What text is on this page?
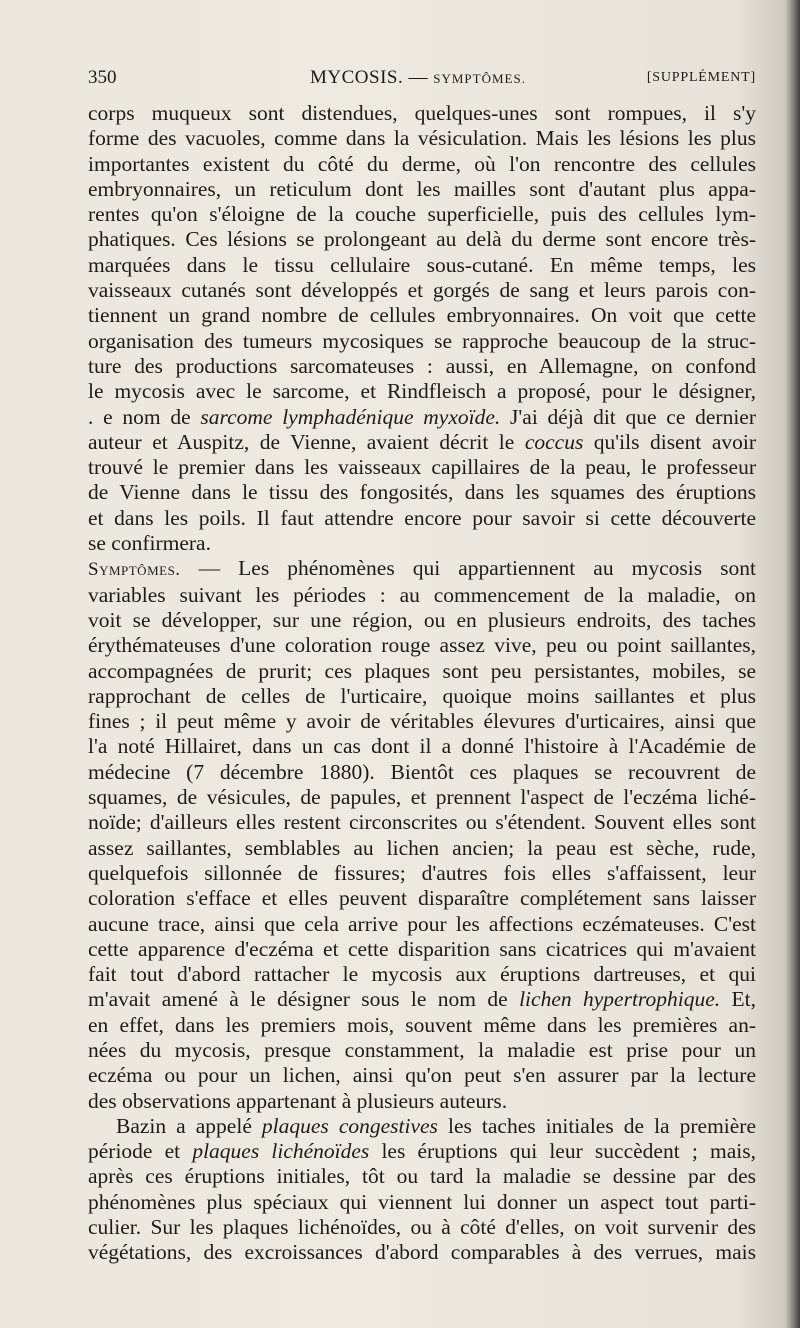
350	MYCOSIS. — SYMPTÔMES.	[SUPPLÉMENT]

corps muqueux sont distendues, quelques-unes sont rompues, il s'y

forme des vacuoles, comme dans la vésiculation. Mais les lésions les plus

importantes existent du côté du derme, où l'on rencontre des cellules

embryonnaires, un reticulum dont les mailles sont d'autant plus appa-

rentes qu'on s'éloigne de la couche superficielle, puis des cellules lym-

phatiques. Ces lésions se prolongeant au delà du derme sont encore très-

marquées dans le tissu cellulaire sous-cutané. En même temps, les

vaisseaux cutanés sont développés et gorgés de sang et leurs parois con-

tiennent un grand nombre de cellules embryonnaires. On voit que cette

organisation des tumeurs mycosiques se rapproche beaucoup de la struc-

ture des productions sarcomateuses : aussi, en Allemagne, on confond

le mycosis avec le sarcome, et Rindfleisch a proposé, pour le désigner,

. e nom de sarcome lymphadénique myxoïde. J'ai déjà dit que ce dernier

auteur et Auspitz, de Vienne, avaient décrit le coccus qu'ils disent avoir

trouvé le premier dans les vaisseaux capillaires de la peau, le professeur

de Vienne dans le tissu des fongosités, dans les squames des éruptions

et dans les poils. Il faut attendre encore pour savoir si cette découverte

se confirmera.

Symptômes. — Les phénomènes qui appartiennent au mycosis sont

variables suivant les périodes : au commencement de la maladie, on

voit se développer, sur une région, ou en plusieurs endroits, des taches

érythémateuses d'une coloration rouge assez vive, peu ou point saillantes,

accompagnées de prurit; ces plaques sont peu persistantes, mobiles, se

rapprochant de celles de l'urticaire, quoique moins saillantes et plus

fines ; il peut même y avoir de véritables élevures d'urticaires, ainsi que

l'a noté Hillairet, dans un cas dont il a donné l'histoire à l'Académie de

médecine (7 décembre 1880). Bientôt ces plaques se recouvrent de

squames, de vésicules, de papules, et prennent l'aspect de l'eczéma liché-

noïde; d'ailleurs elles restent circonscrites ou s'étendent. Souvent elles sont

assez saillantes, semblables au lichen ancien; la peau est sèche, rude,

quelquefois sillonnée de fissures; d'autres fois elles s'affaissent, leur

coloration s'efface et elles peuvent disparaître complétement sans laisser

aucune trace, ainsi que cela arrive pour les affections eczémateuses. C'est

cette apparence d'eczéma et cette disparition sans cicatrices qui m'avaient

fait tout d'abord rattacher le mycosis aux éruptions dartreuses, et qui

m'avait amené à le désigner sous le nom de lichen hypertrophique. Et,

en effet, dans les premiers mois, souvent même dans les premières an-

nées du mycosis, presque constamment, la maladie est prise pour un

eczéma ou pour un lichen, ainsi qu'on peut s'en assurer par la lecture

des observations appartenant à plusieurs auteurs.

Bazin a appelé plaques congestives les taches initiales de la première

période et plaques lichénoïdes les éruptions qui leur succèdent ; mais,

après ces éruptions initiales, tôt ou tard la maladie se dessine par des

phénomènes plus spéciaux qui viennent lui donner un aspect tout parti-

culier. Sur les plaques lichénoïdes, ou à côté d'elles, on voit survenir des

végétations, des excroissances d'abord comparables à des verrues, mais
